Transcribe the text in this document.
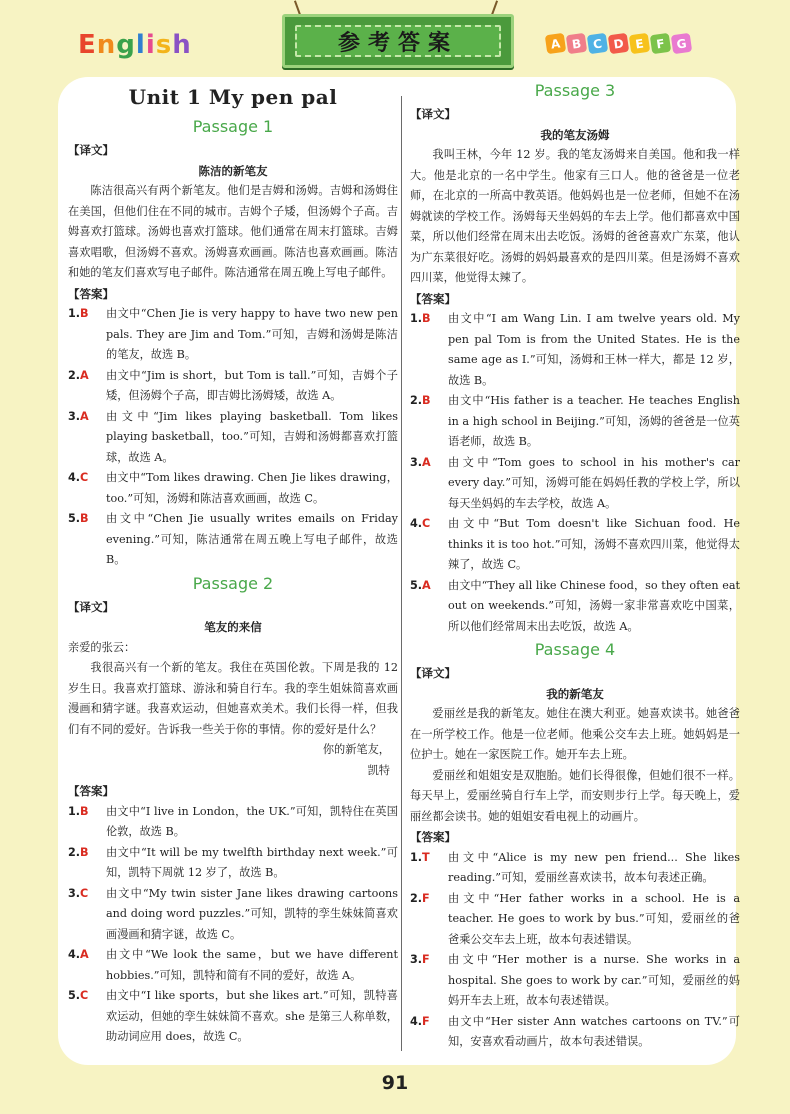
English	参考答案	A B C D E F G
Unit 1 My pen pal
Passage 1
【译文】
陈洁的新笔友

陈洁很高兴有两个新笔友。他们是吉姆和汤姆。吉姆和汤姆住在美国，但他们住在不同的城市。吉姆个子矮，但汤姆个子高。吉姆喜欢打篮球。汤姆也喜欢打篮球。他们通常在周末打篮球。吉姆喜欢唱歌，但汤姆不喜欢。汤姆喜欢画画。陈洁也喜欢画画。陈洁和她的笔友们喜欢写电子邮件。陈洁通常在周五晚上写电子邮件。

【答案】
1. B	由文中“Chen Jie is very happy to have two new pen pals. They are Jim and Tom.”可知，吉姆和汤姆是陈洁的笔友，故选 B。
2. A	由文中“Jim is short，but Tom is tall.”可知，吉姆个子矮，但汤姆个子高，即吉姆比汤姆矮，故选 A。
3. A	由文中“Jim likes playing basketball. Tom likes playing basketball，too.”可知，吉姆和汤姆都喜欢打篮球，故选 A。
4. C	由文中“Tom likes drawing. Chen Jie likes drawing，too.”可知，汤姆和陈洁喜欢画画，故选 C。
5. B	由文中“Chen Jie usually writes emails on Friday evening.”可知，陈洁通常在周五晚上写电子邮件，故选 B。
Passage 2
【译文】
笔友的来信

亲爱的张云：

我很高兴有一个新的笔友。我住在英国伦敦。下周是我的 12 岁生日。我喜欢打篮球、游泳和骑自行车。我的孪生姐妹简喜欢画漫画和猜字谜。我喜欢运动，但她喜欢美术。我们长得一样，但我们有不同的爱好。告诉我一些关于你的事情。你的爱好是什么？

你的新笔友，

凯特

【答案】
1. B	由文中“I live in London，the UK.”可知，凯特住在英国伦敦，故选 B。
2. B	由文中“It will be my twelfth birthday next week.”可知，凯特下周就 12 岁了，故选 B。
3. C	由文中“My twin sister Jane likes drawing cartoons and doing word puzzles.”可知，凯特的孪生妹妹简喜欢画漫画和猜字谜，故选 C。
4. A	由文中“We look the same，but we have different hobbies.”可知，凯特和简有不同的爱好，故选 A。
5. C	由文中“I like sports，but she likes art.”可知，凯特喜欢运动，但她的孪生妹妹简不喜欢。she 是第三人称单数，助动词应用 does，故选 C。
Passage 3
【译文】
我的笔友汤姆

我叫王林，今年 12 岁。我的笔友汤姆来自美国。他和我一样大。他是北京的一名中学生。他家有三口人。他的爸爸是一位老师，在北京的一所高中教英语。他妈妈也是一位老师，但她不在汤姆就读的学校工作。汤姆每天坐妈妈的车去上学。他们都喜欢中国菜，所以他们经常在周末出去吃饭。汤姆的爸爸喜欢广东菜，他认为广东菜很好吃。汤姆的妈妈最喜欢的是四川菜。但是汤姆不喜欢四川菜，他觉得太辣了。

【答案】
1. B	由文中“I am Wang Lin. I am twelve years old. My pen pal Tom is from the United States. He is the same age as I.”可知，汤姆和王林一样大，都是 12 岁，故选 B。
2. B	由文中“His father is a teacher. He teaches English in a high school in Beijing.”可知，汤姆的爸爸是一位英语老师，故选 B。
3. A	由文中“Tom goes to school in his mother's car every day.”可知，汤姆可能在妈妈任教的学校上学，所以每天坐妈妈的车去学校，故选 A。
4. C	由文中“But Tom doesn't like Sichuan food. He thinks it is too hot.”可知，汤姆不喜欢四川菜，他觉得太辣了，故选 C。
5. A	由文中“They all like Chinese food，so they often eat out on weekends.”可知，汤姆一家非常喜欢吃中国菜，所以他们经常周末出去吃饭，故选 A。
Passage 4
【译文】
我的新笔友

爱丽丝是我的新笔友。她住在澳大利亚。她喜欢读书。她爸爸在一所学校工作。他是一位老师。他乘公交车去上班。她妈妈是一位护士。她在一家医院工作。她开车去上班。

爱丽丝和姐姐安是双胞胎。她们长得很像，但她们很不一样。每天早上，爱丽丝骑自行车上学，而安则步行上学。每天晚上，爱丽丝都会读书。她的姐姐安看电视上的动画片。

【答案】
1. T	由文中“Alice is my new pen friend... She likes reading.”可知，爱丽丝喜欢读书，故本句表述正确。
2. F	由文中“Her father works in a school. He is a teacher. He goes to work by bus.”可知，爱丽丝的爸爸乘公交车去上班，故本句表述错误。
3. F	由文中“Her mother is a nurse. She works in a hospital. She goes to work by car.”可知，爱丽丝的妈妈开车去上班，故本句表述错误。
4. F	由文中“Her sister Ann watches cartoons on TV.”可知，安喜欢看动画片，故本句表述错误。
91
